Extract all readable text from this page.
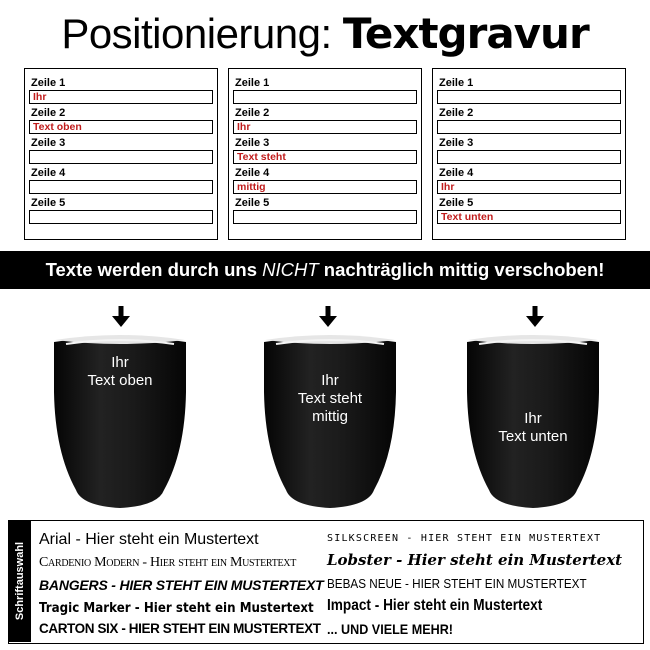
Positionierung: Textgravur
Zeile 1
Ihr
Zeile 2
Text oben
Zeile 3
Zeile 4
Zeile 5
Zeile 1
Zeile 2
Ihr
Zeile 3
Text steht
Zeile 4
mittig
Zeile 5
Zeile 1
Zeile 2
Zeile 3
Zeile 4
Ihr
Zeile 5
Text unten
Texte werden durch uns NICHT nachträglich mittig verschoben!
Ihr
Text oben	Ihr
Text steht
mittig	Ihr
Text unten
Schriftauswahl
Arial - Hier steht ein Mustertext
Cardenio Modern - Hier steht ein Mustertext
BANGERS - HIER STEHT EIN MUSTERTEXT
Tragic Marker - Hier steht ein Mustertext
CARTON SIX - HIER STEHT EIN MUSTERTEXT
SILKSCREEN - HIER STEHT EIN MUSTERTEXT
Lobster - Hier steht ein Mustertext
BEBAS NEUE - HIER STEHT EIN MUSTERTEXT
Impact - Hier steht ein Mustertext
... UND VIELE MEHR!
